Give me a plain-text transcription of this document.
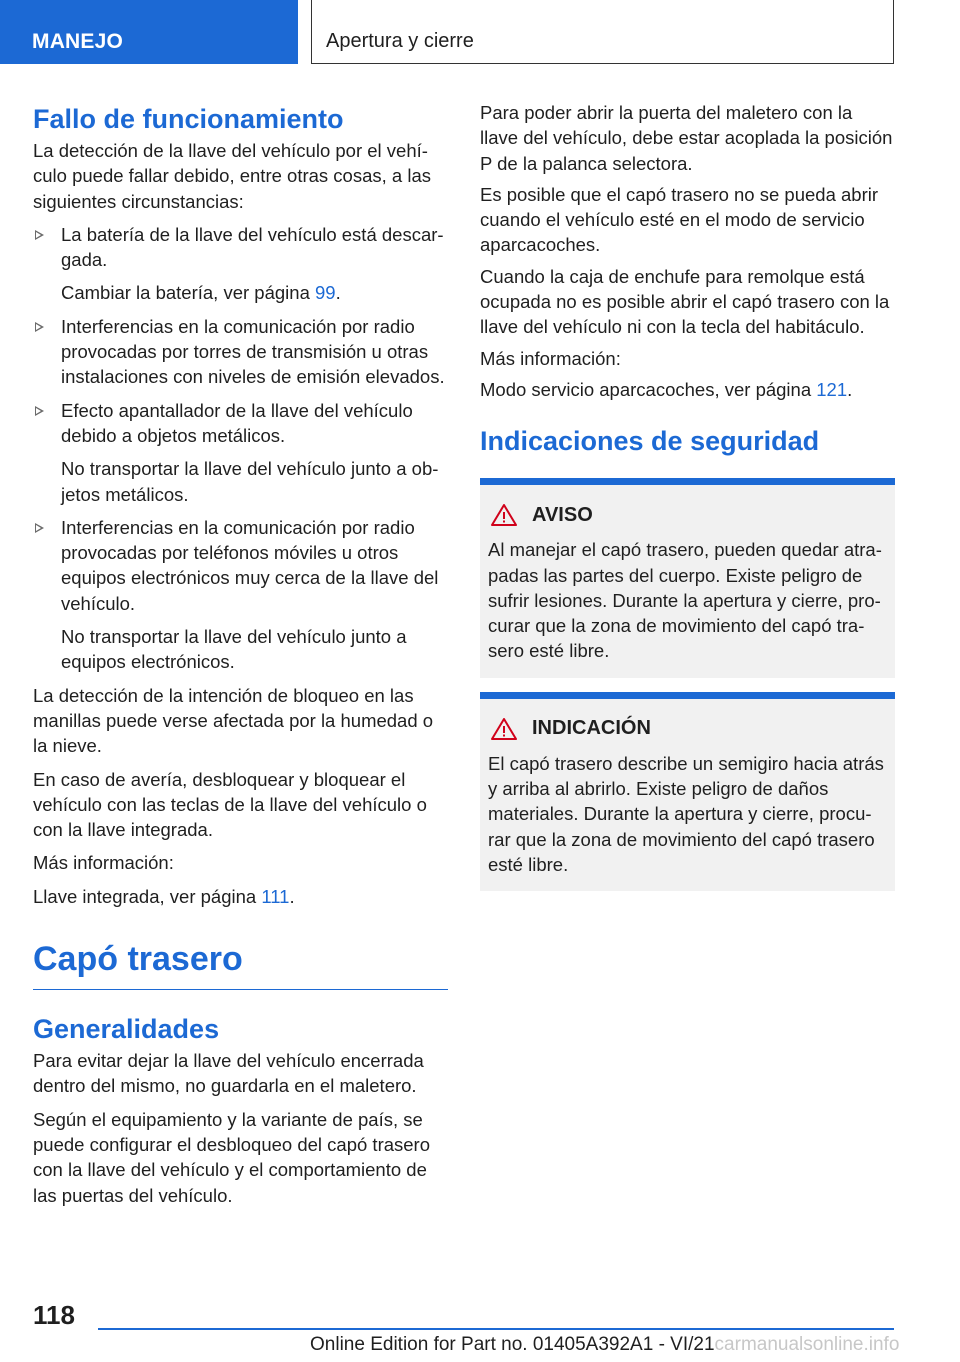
MANEJO	Apertura y cierre
Fallo de funcionamiento

La detección de la llave del vehículo por el vehículo puede fallar debido, entre otras cosas, a las siguientes circunstancias:

La batería de la llave del vehículo está descargada.

Cambiar la batería, ver página 99.

Interferencias en la comunicación por radio provocadas por torres de transmisión u otras instalaciones con niveles de emisión elevados.

Efecto apantallador de la llave del vehículo debido a objetos metálicos.

No transportar la llave del vehículo junto a objetos metálicos.

Interferencias en la comunicación por radio provocadas por teléfonos móviles u otros equipos electrónicos muy cerca de la llave del vehículo.

No transportar la llave del vehículo junto a equipos electrónicos.

La detección de la intención de bloqueo en las manillas puede verse afectada por la humedad o la nieve.

En caso de avería, desbloquear y bloquear el vehículo con las teclas de la llave del vehículo o con la llave integrada.

Más información:

Llave integrada, ver página 111.

Capó trasero
Generalidades

Para evitar dejar la llave del vehículo encerrada dentro del mismo, no guardarla en el maletero.

Según el equipamiento y la variante de país, se puede configurar el desbloqueo del capó trasero con la llave del vehículo y el comportamiento de las puertas del vehículo.

Para poder abrir la puerta del maletero con la llave del vehículo, debe estar acoplada la posición P de la palanca selectora.

Es posible que el capó trasero no se pueda abrir cuando el vehículo esté en el modo de servicio aparcacoches.

Cuando la caja de enchufe para remolque está ocupada no es posible abrir el capó trasero con la llave del vehículo ni con la tecla del habitáculo.

Más información:

Modo servicio aparcacoches, ver página 121.

Indicaciones de seguridad
AVISO

Al manejar el capó trasero, pueden quedar atrapadas las partes del cuerpo. Existe peligro de sufrir lesiones. Durante la apertura y cierre, procurar que la zona de movimiento del capó trasero esté libre.

INDICACIÓN

El capó trasero describe un semigiro hacia atrás y arriba al abrirlo. Existe peligro de daños materiales. Durante la apertura y cierre, procurar que la zona de movimiento del capó trasero esté libre.

118
Online Edition for Part no. 01405A392A1 - VI/21carmanualsonline.info
